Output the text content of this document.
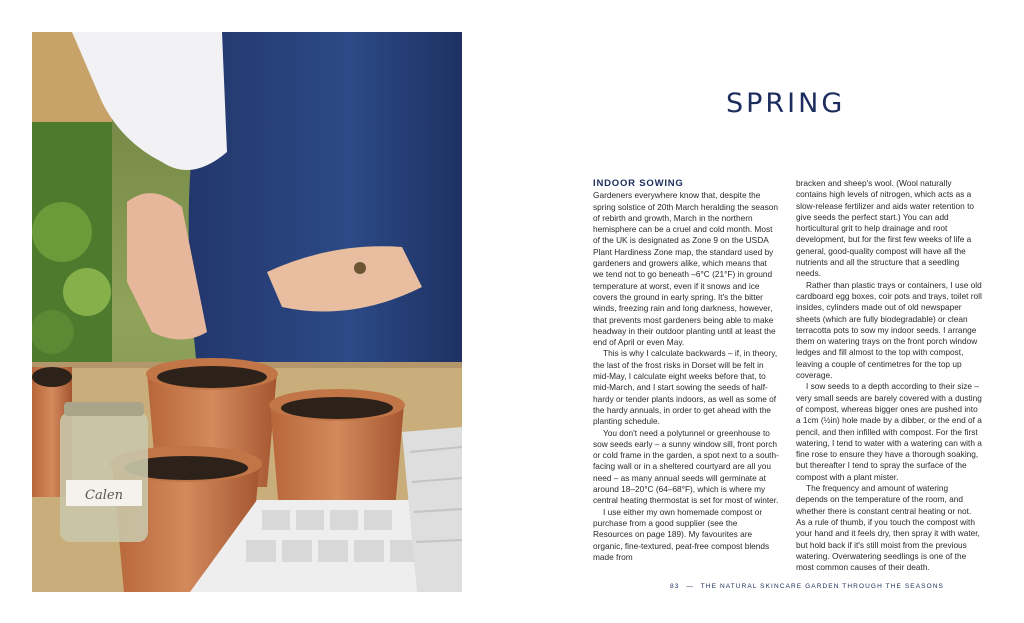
Calen
SPRING
INDOOR SOWING

Gardeners everywhere know that, despite the spring solstice of 20th March heralding the season of rebirth and growth, March in the northern hemisphere can be a cruel and cold month. Most of the UK is designated as Zone 9 on the USDA Plant Hardiness Zone map, the standard used by gardeners and growers alike, which means that we tend not to go beneath –6°C (21°F) in ground temperature at worst, even if it snows and ice covers the ground in early spring. It's the bitter winds, freezing rain and long darkness, however, that prevents most gardeners being able to make headway in their outdoor planting until at least the end of April or even May.

This is why I calculate backwards – if, in theory, the last of the frost risks in Dorset will be felt in mid-May, I calculate eight weeks before that, to mid-March, and I start sowing the seeds of half-hardy or tender plants indoors, as well as some of the hardy annuals, in order to get ahead with the planting schedule.

You don't need a polytunnel or greenhouse to sow seeds early – a sunny window sill, front porch or cold frame in the garden, a spot next to a south-facing wall or in a sheltered courtyard are all you need – as many annual seeds will germinate at around 18–20°C (64–68°F), which is where my central heating thermostat is set for most of winter.

I use either my own homemade compost or purchase from a good supplier (see the Resources on page 189). My favourites are organic, fine-textured, peat-free compost blends made from

bracken and sheep's wool. (Wool naturally contains high levels of nitrogen, which acts as a slow-release fertilizer and aids water retention to give seeds the perfect start.) You can add horticultural grit to help drainage and root development, but for the first few weeks of life a general, good-quality compost will have all the nutrients and all the structure that a seedling needs.

Rather than plastic trays or containers, I use old cardboard egg boxes, coir pots and trays, toilet roll insides, cylinders made out of old newspaper sheets (which are fully biodegradable) or clean terracotta pots to sow my indoor seeds. I arrange them on watering trays on the front porch window ledges and fill almost to the top with compost, leaving a couple of centimetres for the top up coverage.

I sow seeds to a depth according to their size – very small seeds are barely covered with a dusting of compost, whereas bigger ones are pushed into a 1cm (½in) hole made by a dibber, or the end of a pencil, and then infilled with compost. For the first watering, I tend to water with a watering can with a fine rose to ensure they have a thorough soaking, but thereafter I tend to spray the surface of the compost with a plant mister.

The frequency and amount of watering depends on the temperature of the room, and whether there is constant central heating or not. As a rule of thumb, if you touch the compost with your hand and it feels dry, then spray it with water, but hold back if it's still moist from the previous watering. Overwatering seedlings is one of the most common causes of their death.

83 — THE NATURAL SKINCARE GARDEN THROUGH THE SEASONS
